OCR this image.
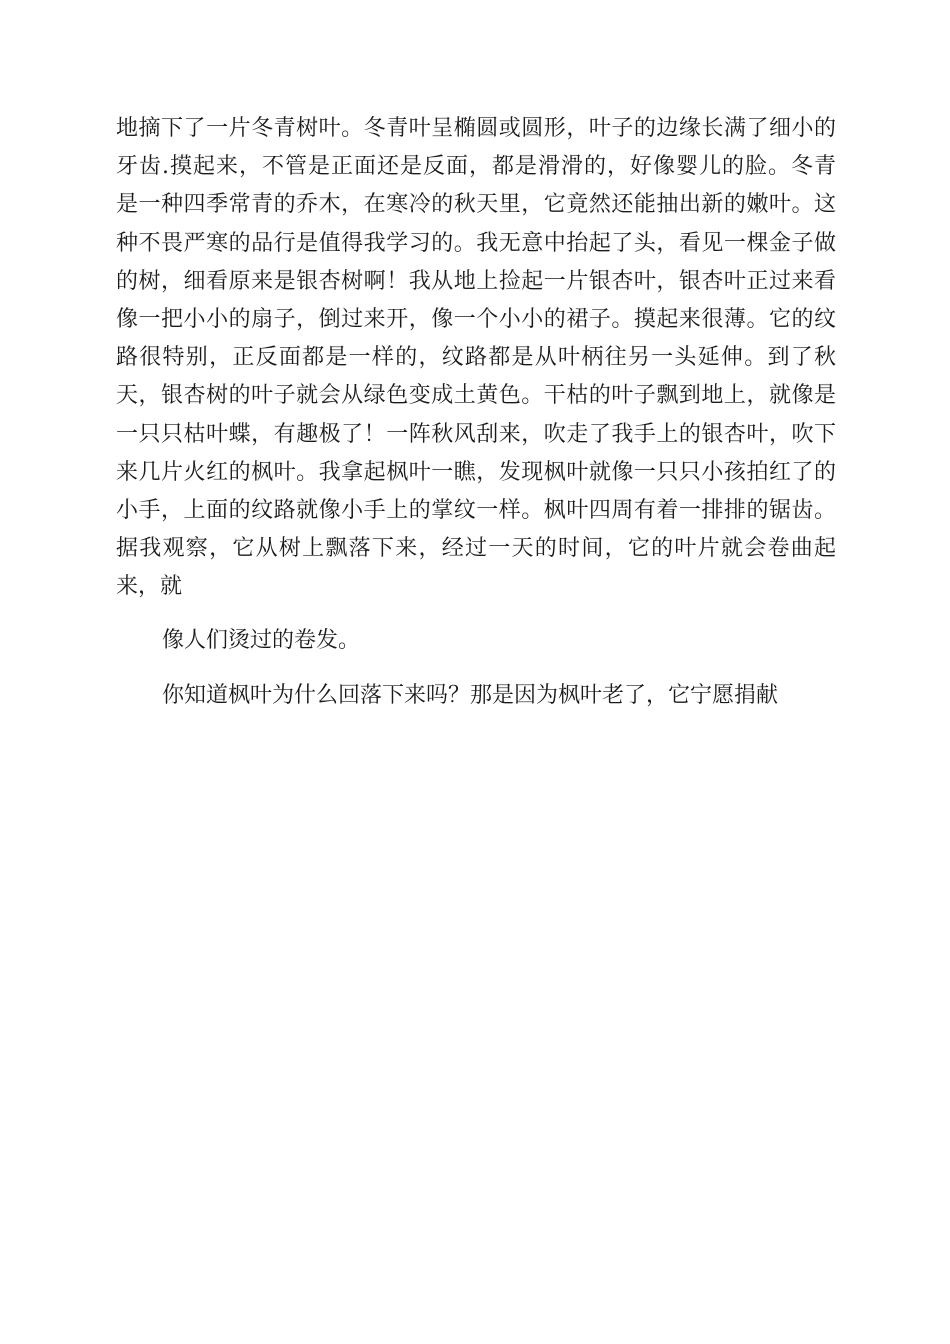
地摘下了一片冬青树叶。冬青叶呈椭圆或圆形，叶子的边缘长满了细小的
牙齿.摸起来，不管是正面还是反面，都是滑滑的，好像婴儿的脸。冬青
是一种四季常青的乔木，在寒冷的秋天里，它竟然还能抽出新的嫩叶。这
种不畏严寒的品行是值得我学习的。我无意中抬起了头，看见一棵金子做
的树，细看原来是银杏树啊！我从地上捡起一片银杏叶，银杏叶正过来看
像一把小小的扇子，倒过来开，像一个小小的裙子。摸起来很薄。它的纹
路很特别，正反面都是一样的，纹路都是从叶柄往另一头延伸。到了秋
天，银杏树的叶子就会从绿色变成土黄色。干枯的叶子飘到地上，就像是
一只只枯叶蝶，有趣极了！一阵秋风刮来，吹走了我手上的银杏叶，吹下
来几片火红的枫叶。我拿起枫叶一瞧，发现枫叶就像一只只小孩拍红了的
小手，上面的纹路就像小手上的掌纹一样。枫叶四周有着一排排的锯齿。
据我观察，它从树上飘落下来，经过一天的时间，它的叶片就会卷曲起
来，就
像人们烫过的卷发。
你知道枫叶为什么回落下来吗？那是因为枫叶老了，它宁愿捐献
